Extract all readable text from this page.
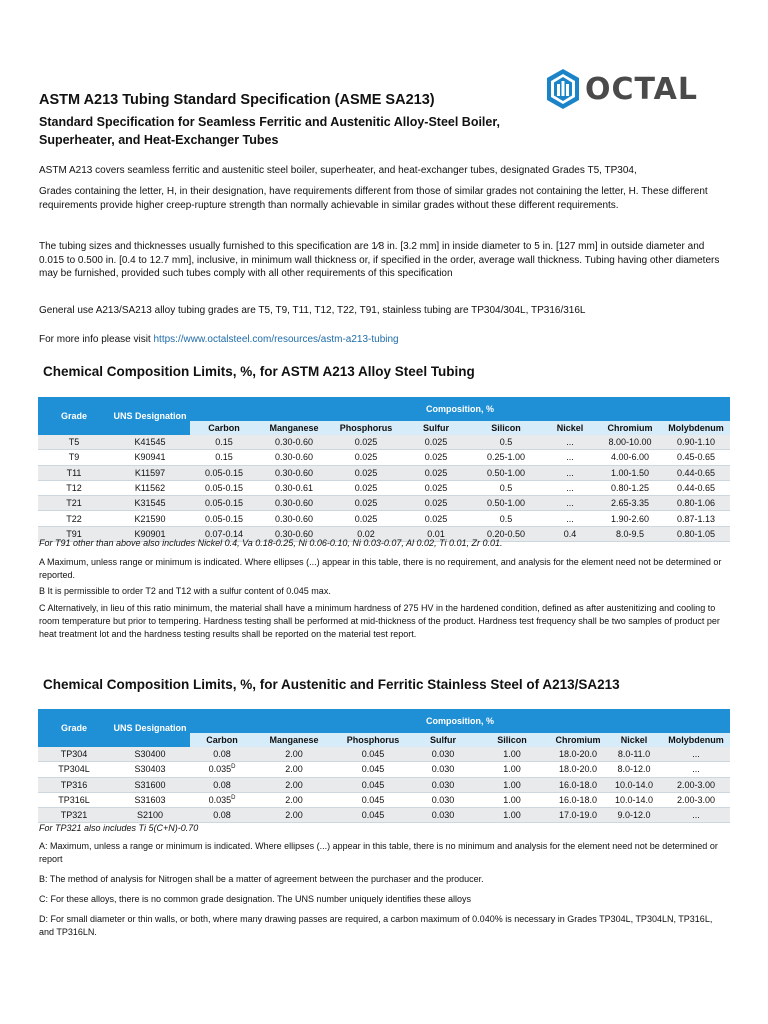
OCTAL
ASTM A213 Tubing Standard Specification (ASME SA213)
Standard Specification for Seamless Ferritic and Austenitic Alloy-Steel Boiler, Superheater, and Heat-Exchanger Tubes
ASTM A213 covers seamless ferritic and austenitic steel boiler, superheater, and heat-exchanger tubes, designated Grades T5, TP304,
Grades containing the letter, H, in their designation, have requirements different from those of similar grades not containing the letter, H. These different requirements provide higher creep-rupture strength than normally achievable in similar grades without these different requirements.
The tubing sizes and thicknesses usually furnished to this specification are 1⁄8 in. [3.2 mm] in inside diameter to 5 in. [127 mm] in outside diameter and 0.015 to 0.500 in. [0.4 to 12.7 mm], inclusive, in minimum wall thickness or, if specified in the order, average wall thickness. Tubing having other diameters may be furnished, provided such tubes comply with all other requirements of this specification
General use A213/SA213 alloy tubing grades are T5, T9, T11, T12, T22, T91, stainless tubing are TP304/304L, TP316/316L
For more info please visit https://www.octalsteel.com/resources/astm-a213-tubing
Chemical Composition Limits, %, for ASTM A213 Alloy Steel Tubing
Grade	UNS Designation	Composition, %							
		Carbon	Manganese	Phosphorus	Sulfur	Silicon	Nickel	Chromium	Molybdenum
T5	K41545	0.15	0.30-0.60	0.025	0.025	0.5	...	8.00-10.00	0.90-1.10
T9	K90941	0.15	0.30-0.60	0.025	0.025	0.25-1.00	...	4.00-6.00	0.45-0.65
T11	K11597	0.05-0.15	0.30-0.60	0.025	0.025	0.50-1.00	...	1.00-1.50	0.44-0.65
T12	K11562	0.05-0.15	0.30-0.61	0.025	0.025	0.5	...	0.80-1.25	0.44-0.65
T21	K31545	0.05-0.15	0.30-0.60	0.025	0.025	0.50-1.00	...	2.65-3.35	0.80-1.06
T22	K21590	0.05-0.15	0.30-0.60	0.025	0.025	0.5	...	1.90-2.60	0.87-1.13
T91	K90901	0.07-0.14	0.30-0.60	0.02	0.01	0.20-0.50	0.4	8.0-9.5	0.80-1.05
For T91 other than above also includes Nickel 0.4, Va 0.18-0.25, Ni 0.06-0.10, Ni 0.03-0.07, Al 0.02, Ti 0.01, Zr 0.01.
A Maximum, unless range or minimum is indicated. Where ellipses (...) appear in this table, there is no requirement, and analysis for the element need not be determined or reported.
B It is permissible to order T2 and T12 with a sulfur content of 0.045 max.
C Alternatively, in lieu of this ratio minimum, the material shall have a minimum hardness of 275 HV in the hardened condition, defined as after austenitizing and cooling to room temperature but prior to tempering. Hardness testing shall be performed at mid-thickness of the product. Hardness test frequency shall be two samples of product per heat treatment lot and the hardness testing results shall be reported on the material test report.
Chemical Composition Limits, %, for Austenitic and Ferritic Stainless Steel of A213/SA213
Grade	UNS Designation	Composition, %							
		Carbon	Manganese	Phosphorus	Sulfur	Silicon	Chromium	Nickel	Molybdenum
TP304	S30400	0.08	2.00	0.045	0.030	1.00	18.0-20.0	8.0-11.0	...
TP304L	S30403	$0.035^D$	2.00	0.045	0.030	1.00	18.0-20.0	8.0-12.0	...
TP316	S31600	0.08	2.00	0.045	0.030	1.00	16.0-18.0	10.0-14.0	2.00-3.00
TP316L	S31603	$0.035^D$	2.00	0.045	0.030	1.00	16.0-18.0	10.0-14.0	2.00-3.00
TP321	S2100	0.08	2.00	0.045	0.030	1.00	17.0-19.0	9.0-12.0	...
For TP321 also includes Ti 5(C+N)-0.70
A: Maximum, unless a range or minimum is indicated. Where ellipses (...) appear in this table, there is no minimum and analysis for the element need not be determined or report
B: The method of analysis for Nitrogen shall be a matter of agreement between the purchaser and the producer.
C: For these alloys, there is no common grade designation. The UNS number uniquely identifies these alloys
D: For small diameter or thin walls, or both, where many drawing passes are required, a carbon maximum of 0.040% is necessary in Grades TP304L, TP304LN, TP316L, and TP316LN.
